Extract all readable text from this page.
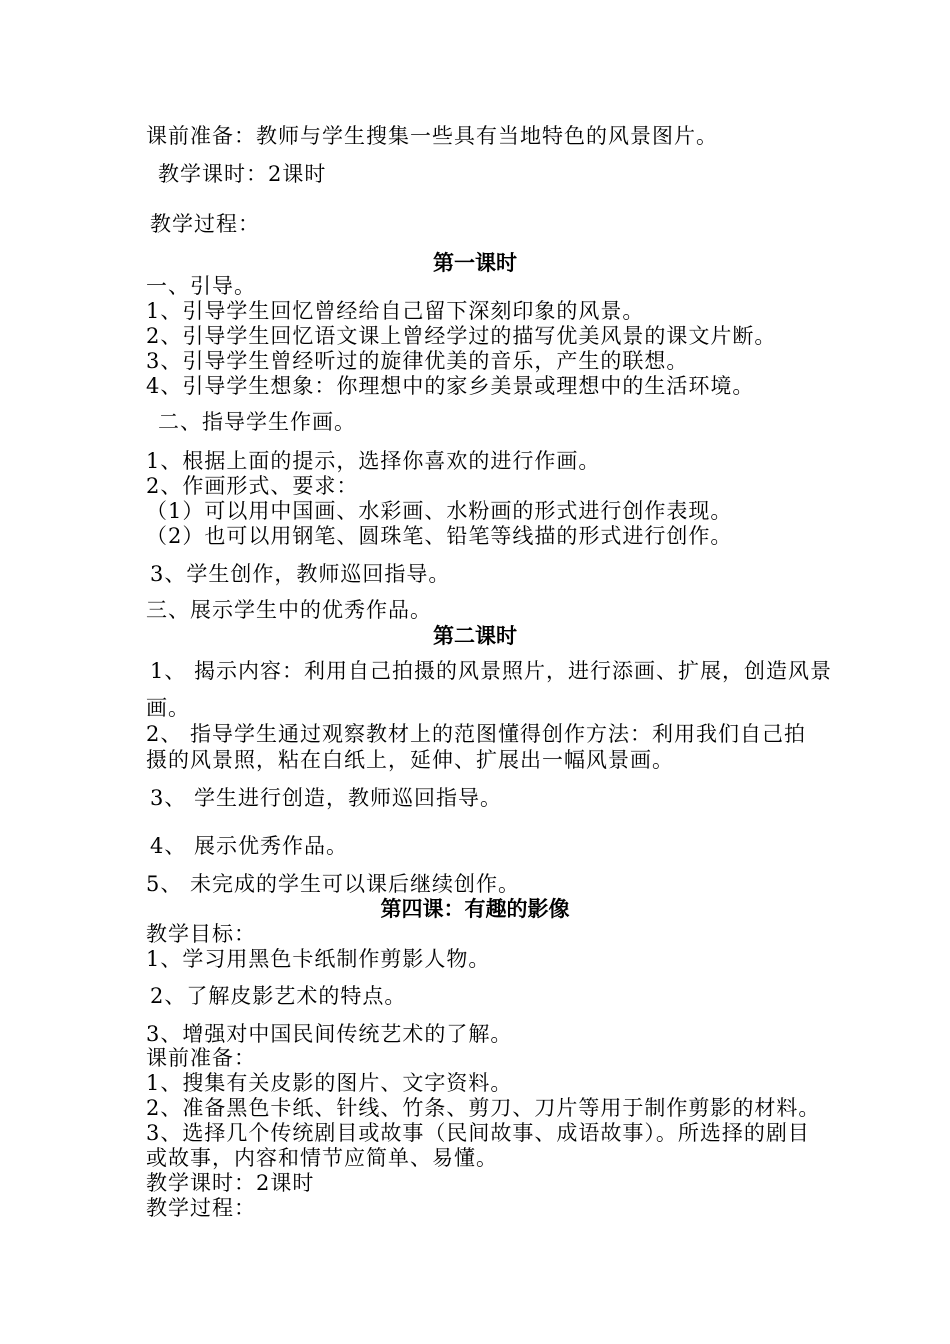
课前准备：教师与学生搜集一些具有当地特色的风景图片。
教学课时：2课时
教学过程：
第一课时
一、引导。
1、引导学生回忆曾经给自己留下深刻印象的风景。
2、引导学生回忆语文课上曾经学过的描写优美风景的课文片断。
3、引导学生曾经听过的旋律优美的音乐，产生的联想。
4、引导学生想象：你理想中的家乡美景或理想中的生活环境。
二、指导学生作画。
1、根据上面的提示，选择你喜欢的进行作画。
2、作画形式、要求：
（1）可以用中国画、水彩画、水粉画的形式进行创作表现。
（2）也可以用钢笔、圆珠笔、铅笔等线描的形式进行创作。
3、学生创作，教师巡回指导。
三、展示学生中的优秀作品。
第二课时
1、 揭示内容：利用自己拍摄的风景照片，进行添画、扩展，创造风景
画。
2、 指导学生通过观察教材上的范图懂得创作方法：利用我们自己拍
摄的风景照，粘在白纸上，延伸、扩展出一幅风景画。
3、 学生进行创造，教师巡回指导。
4、 展示优秀作品。
5、 未完成的学生可以课后继续创作。
第四课：有趣的影像
教学目标：
1、学习用黑色卡纸制作剪影人物。
2、了解皮影艺术的特点。
3、增强对中国民间传统艺术的了解。
课前准备：
1、搜集有关皮影的图片、文字资料。
2、准备黑色卡纸、针线、竹条、剪刀、刀片等用于制作剪影的材料。
3、选择几个传统剧目或故事（民间故事、成语故事）。所选择的剧目
或故事，内容和情节应简单、易懂。
教学课时：2课时
教学过程：
